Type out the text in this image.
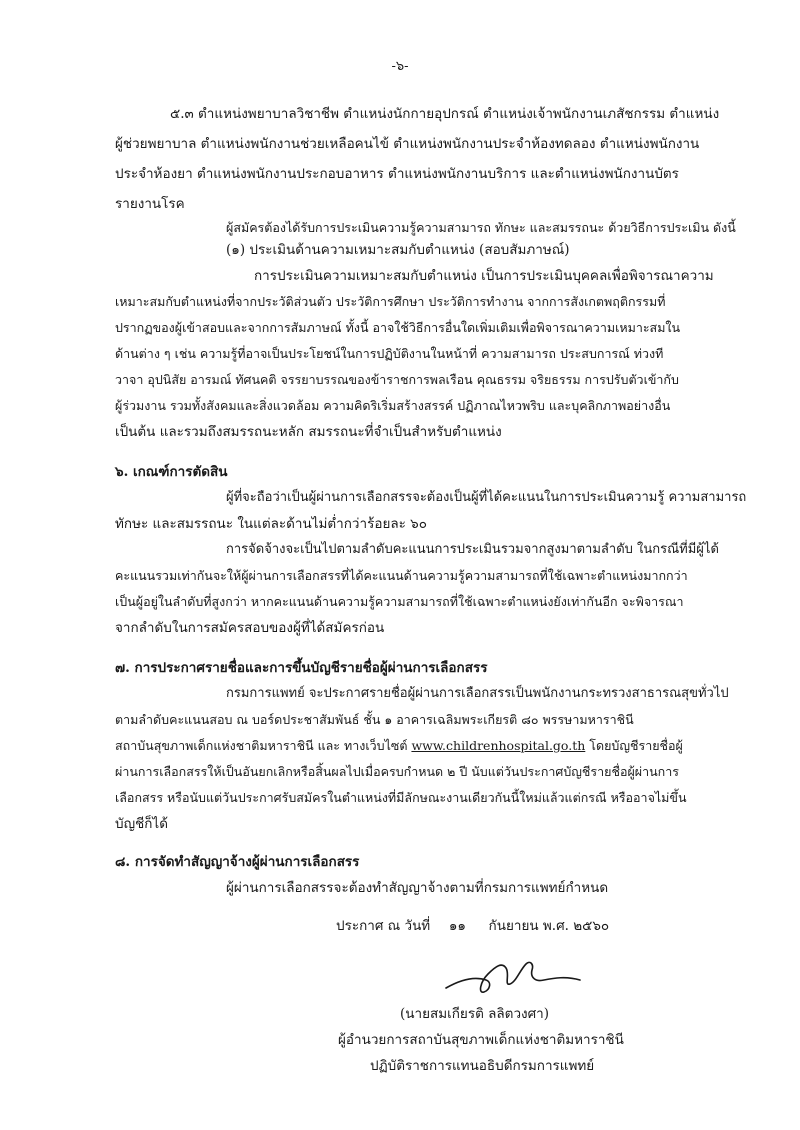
-๖-
๕.๓ ตำแหน่งพยาบาลวิชาชีพ ตำแหน่งนักกายอุปกรณ์ ตำแหน่งเจ้าพนักงานเภสัชกรรม ตำแหน่ง
ผู้ช่วยพยาบาล ตำแหน่งพนักงานช่วยเหลือคนไข้ ตำแหน่งพนักงานประจำห้องทดลอง ตำแหน่งพนักงาน
ประจำห้องยา ตำแหน่งพนักงานประกอบอาหาร ตำแหน่งพนักงานบริการ และตำแหน่งพนักงานบัตร
รายงานโรค
ผู้สมัครต้องได้รับการประเมินความรู้ความสามารถ ทักษะ และสมรรถนะ ด้วยวิธีการประเมิน ดังนี้
(๑) ประเมินด้านความเหมาะสมกับตำแหน่ง (สอบสัมภาษณ์)
การประเมินความเหมาะสมกับตำแหน่ง เป็นการประเมินบุคคลเพื่อพิจารณาความ
เหมาะสมกับตำแหน่งที่จากประวัติส่วนตัว ประวัติการศึกษา ประวัติการทำงาน จากการสังเกตพฤติกรรมที่
ปรากฏของผู้เข้าสอบและจากการสัมภาษณ์ ทั้งนี้ อาจใช้วิธีการอื่นใดเพิ่มเติมเพื่อพิจารณาความเหมาะสมใน
ด้านต่าง ๆ เช่น ความรู้ที่อาจเป็นประโยชน์ในการปฏิบัติงานในหน้าที่ ความสามารถ ประสบการณ์ ท่วงที
วาจา อุปนิสัย อารมณ์ ทัศนคติ จรรยาบรรณของข้าราชการพลเรือน คุณธรรม จริยธรรม การปรับตัวเข้ากับ
ผู้ร่วมงาน รวมทั้งสังคมและสิ่งแวดล้อม ความคิดริเริ่มสร้างสรรค์ ปฏิภาณไหวพริบ และบุคลิกภาพอย่างอื่น
เป็นต้น และรวมถึงสมรรถนะหลัก สมรรถนะที่จำเป็นสำหรับตำแหน่ง
๖. เกณฑ์การตัดสิน
ผู้ที่จะถือว่าเป็นผู้ผ่านการเลือกสรรจะต้องเป็นผู้ที่ได้คะแนนในการประเมินความรู้ ความสามารถ
ทักษะ และสมรรถนะ ในแต่ละด้านไม่ต่ำกว่าร้อยละ ๖๐
การจัดจ้างจะเป็นไปตามลำดับคะแนนการประเมินรวมจากสูงมาตามลำดับ ในกรณีที่มีผู้ได้
คะแนนรวมเท่ากันจะให้ผู้ผ่านการเลือกสรรที่ได้คะแนนด้านความรู้ความสามารถที่ใช้เฉพาะตำแหน่งมากกว่า
เป็นผู้อยู่ในลำดับที่สูงกว่า หากคะแนนด้านความรู้ความสามารถที่ใช้เฉพาะตำแหน่งยังเท่ากันอีก จะพิจารณา
จากลำดับในการสมัครสอบของผู้ที่ได้สมัครก่อน
๗. การประกาศรายชื่อและการขึ้นบัญชีรายชื่อผู้ผ่านการเลือกสรร
กรมการแพทย์ จะประกาศรายชื่อผู้ผ่านการเลือกสรรเป็นพนักงานกระทรวงสาธารณสุขทั่วไป
ตามลำดับคะแนนสอบ ณ บอร์ดประชาสัมพันธ์ ชั้น ๑ อาคารเฉลิมพระเกียรติ ๘๐ พรรษามหาราชินี
สถาบันสุขภาพเด็กแห่งชาติมหาราชินี และ ทางเว็บไซต์ www.childrenhospital.go.th โดยบัญชีรายชื่อผู้
ผ่านการเลือกสรรให้เป็นอันยกเลิกหรือสิ้นผลไปเมื่อครบกำหนด ๒ ปี นับแต่วันประกาศบัญชีรายชื่อผู้ผ่านการ
เลือกสรร หรือนับแต่วันประกาศรับสมัครในตำแหน่งที่มีลักษณะงานเดียวกันนี้ใหม่แล้วแต่กรณี หรืออาจไม่ขึ้น
บัญชีก็ได้
๘. การจัดทำสัญญาจ้างผู้ผ่านการเลือกสรร
ผู้ผ่านการเลือกสรรจะต้องทำสัญญาจ้างตามที่กรมการแพทย์กำหนด
ประกาศ ณ วันที่ ๑๑ กันยายน พ.ศ. ๒๕๖๐
(นายสมเกียรติ ลลิตวงศา)
ผู้อำนวยการสถาบันสุขภาพเด็กแห่งชาติมหาราชินี
ปฏิบัติราชการแทนอธิบดีกรมการแพทย์
